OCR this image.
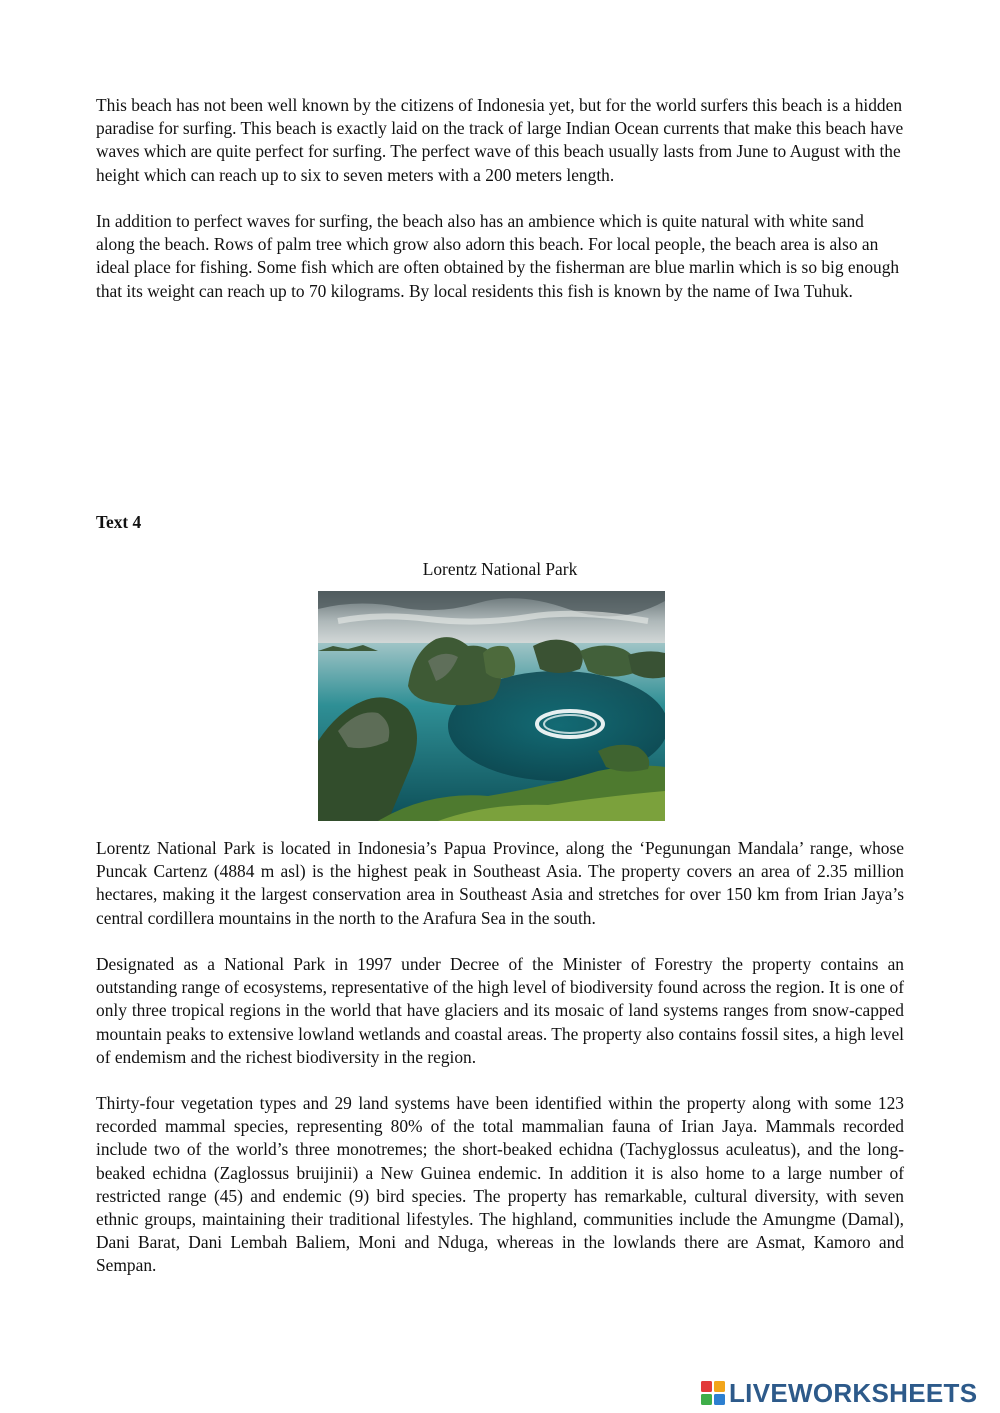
This beach has not been well known by the citizens of Indonesia yet, but for the world surfers this beach is a hidden paradise for surfing. This beach is exactly laid on the track of large Indian Ocean currents that make this beach have waves which are quite perfect for surfing. The perfect wave of this beach usually lasts from June to August with the height which can reach up to six to seven meters with a 200 meters length.

In addition to perfect waves for surfing, the beach also has an ambience which is quite natural with white sand along the beach. Rows of palm tree which grow also adorn this beach. For local people, the beach area is also an ideal place for fishing. Some fish which are often obtained by the fisherman are blue marlin which is so big enough that its weight can reach up to 70 kilograms. By local residents this fish is known by the name of Iwa Tuhuk.

Text 4

Lorentz National Park

Lorentz National Park is located in Indonesia’s Papua Province, along the ‘Pegunungan Mandala’ range, whose Puncak Cartenz (4884 m asl) is the highest peak in Southeast Asia. The property covers an area of 2.35 million hectares, making it the largest conservation area in Southeast Asia and stretches for over 150 km from Irian Jaya’s central cordillera mountains in the north to the Arafura Sea in the south.

Designated as a National Park in 1997 under Decree of the Minister of Forestry the property contains an outstanding range of ecosystems, representative of the high level of biodiversity found across the region. It is one of only three tropical regions in the world that have glaciers and its mosaic of land systems ranges from snow-capped mountain peaks to extensive lowland wetlands and coastal areas. The property also contains fossil sites, a high level of endemism and the richest biodiversity in the region.

Thirty-four vegetation types and 29 land systems have been identified within the property along with some 123 recorded mammal species, representing 80% of the total mammalian fauna of Irian Jaya. Mammals recorded include two of the world’s three monotremes; the short-beaked echidna (Tachyglossus aculeatus), and the long-beaked echidna (Zaglossus bruijinii) a New Guinea endemic. In addition it is also home to a large number of restricted range (45) and endemic (9) bird species. The property has remarkable, cultural diversity, with seven ethnic groups, maintaining their traditional lifestyles. The highland, communities include the Amungme (Damal), Dani Barat, Dani Lembah Baliem, Moni and Nduga, whereas in the lowlands there are Asmat, Kamoro and Sempan.

LIVEWORKSHEETS
